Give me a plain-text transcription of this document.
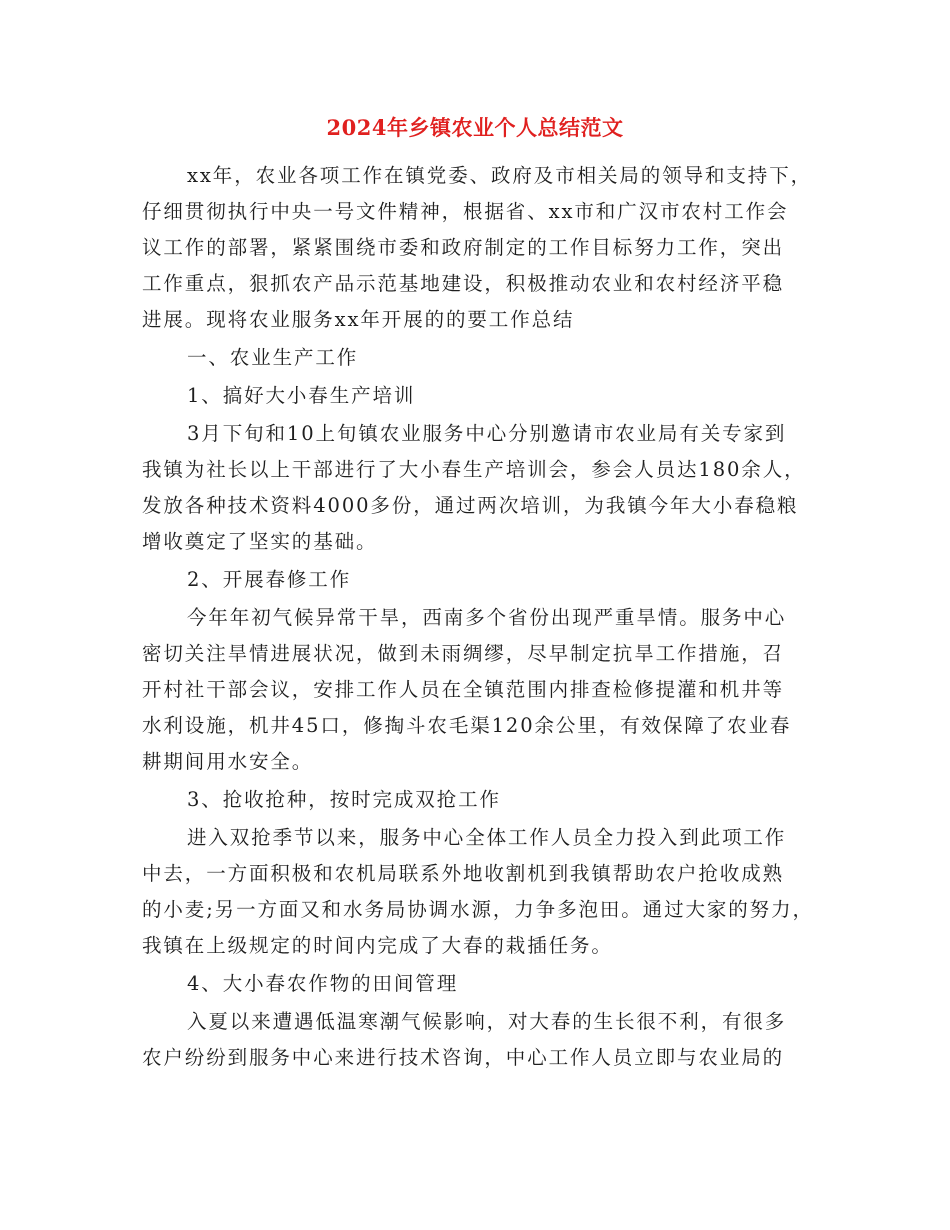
2024年乡镇农业个人总结范文
xx年，农业各项工作在镇党委、政府及市相关局的领导和支持下，
仔细贯彻执行中央一号文件精神，根据省、xx市和广汉市农村工作会
议工作的部署，紧紧围绕市委和政府制定的工作目标努力工作，突出
工作重点，狠抓农产品示范基地建设，积极推动农业和农村经济平稳
进展。现将农业服务xx年开展的的要工作总结
一、农业生产工作
1、搞好大小春生产培训
3月下旬和10上旬镇农业服务中心分别邀请市农业局有关专家到
我镇为社长以上干部进行了大小春生产培训会，参会人员达180余人，
发放各种技术资料4000多份，通过两次培训，为我镇今年大小春稳粮
增收奠定了坚实的基础。
2、开展春修工作
今年年初气候异常干旱，西南多个省份出现严重旱情。服务中心
密切关注旱情进展状况，做到未雨绸缪，尽早制定抗旱工作措施，召
开村社干部会议，安排工作人员在全镇范围内排查检修提灌和机井等
水利设施，机井45口，修掏斗农毛渠120余公里，有效保障了农业春
耕期间用水安全。
3、抢收抢种，按时完成双抢工作
进入双抢季节以来，服务中心全体工作人员全力投入到此项工作
中去，一方面积极和农机局联系外地收割机到我镇帮助农户抢收成熟
的小麦;另一方面又和水务局协调水源，力争多泡田。通过大家的努力，
我镇在上级规定的时间内完成了大春的栽插任务。
4、大小春农作物的田间管理
入夏以来遭遇低温寒潮气候影响，对大春的生长很不利，有很多
农户纷纷到服务中心来进行技术咨询，中心工作人员立即与农业局的
